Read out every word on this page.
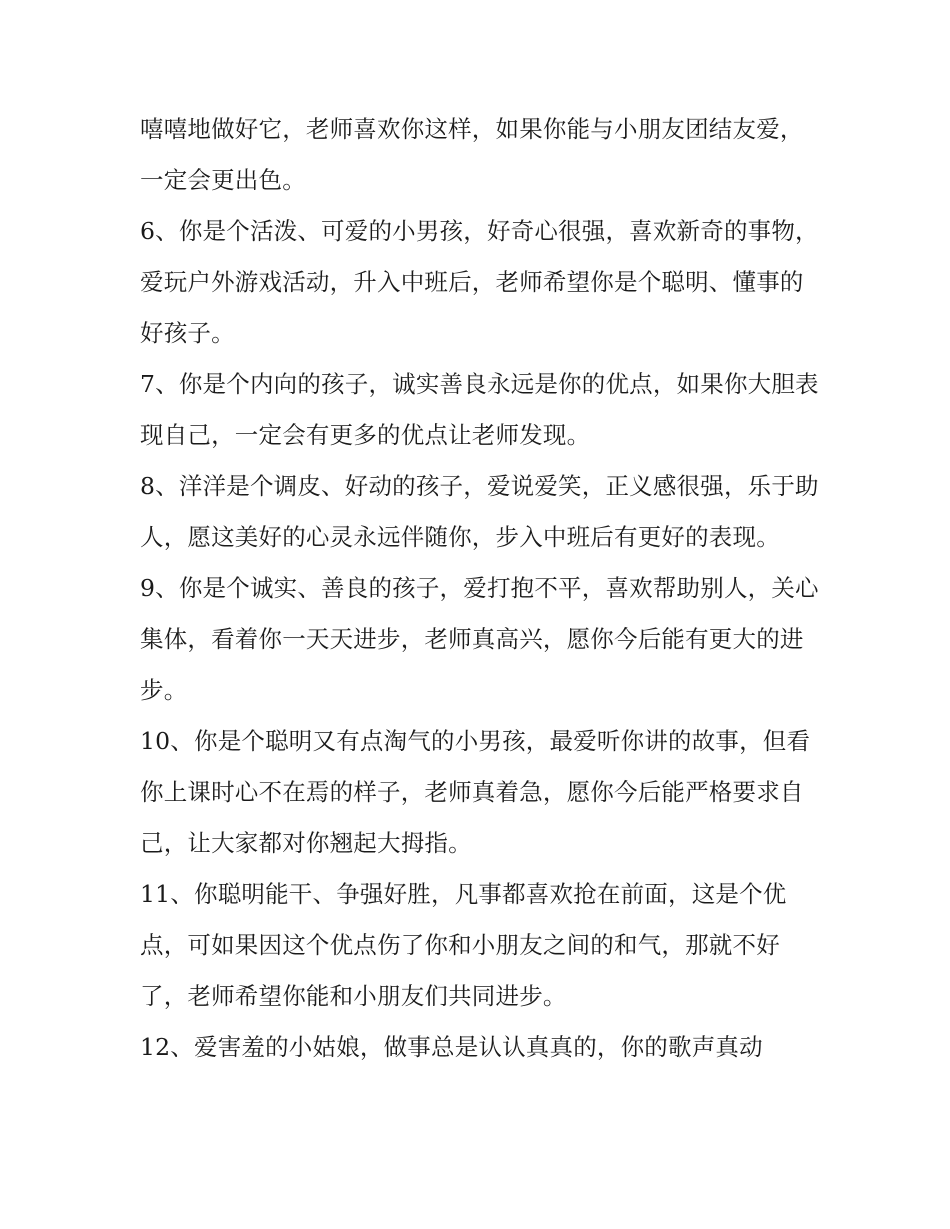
嘻嘻地做好它，老师喜欢你这样，如果你能与小朋友团结友爱，一定会更出色。

6、你是个活泼、可爱的小男孩，好奇心很强，喜欢新奇的事物，爱玩户外游戏活动，升入中班后，老师希望你是个聪明、懂事的好孩子。

7、你是个内向的孩子，诚实善良永远是你的优点，如果你大胆表现自己，一定会有更多的优点让老师发现。

8、洋洋是个调皮、好动的孩子，爱说爱笑，正义感很强，乐于助人，愿这美好的心灵永远伴随你，步入中班后有更好的表现。

9、你是个诚实、善良的孩子，爱打抱不平，喜欢帮助别人，关心集体，看着你一天天进步，老师真高兴，愿你今后能有更大的进步。

10、你是个聪明又有点淘气的小男孩，最爱听你讲的故事，但看你上课时心不在焉的样子，老师真着急，愿你今后能严格要求自己，让大家都对你翘起大拇指。

11、你聪明能干、争强好胜，凡事都喜欢抢在前面，这是个优点，可如果因这个优点伤了你和小朋友之间的和气，那就不好了，老师希望你能和小朋友们共同进步。

12、爱害羞的小姑娘，做事总是认认真真的，你的歌声真动
